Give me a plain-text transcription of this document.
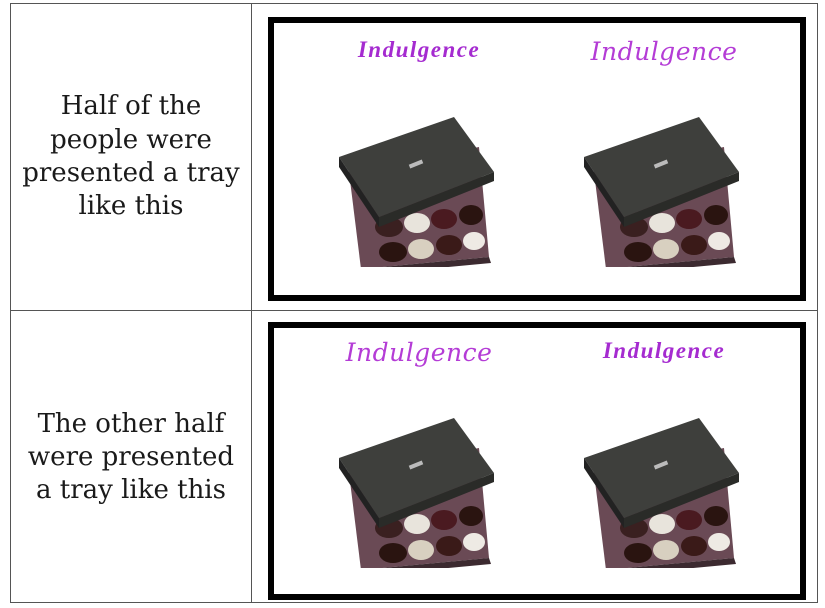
Half of the
people were
presented a tray
like this
Indulgence	Indulgence
The other half
were presented
a tray like this
Indulgence	Indulgence
